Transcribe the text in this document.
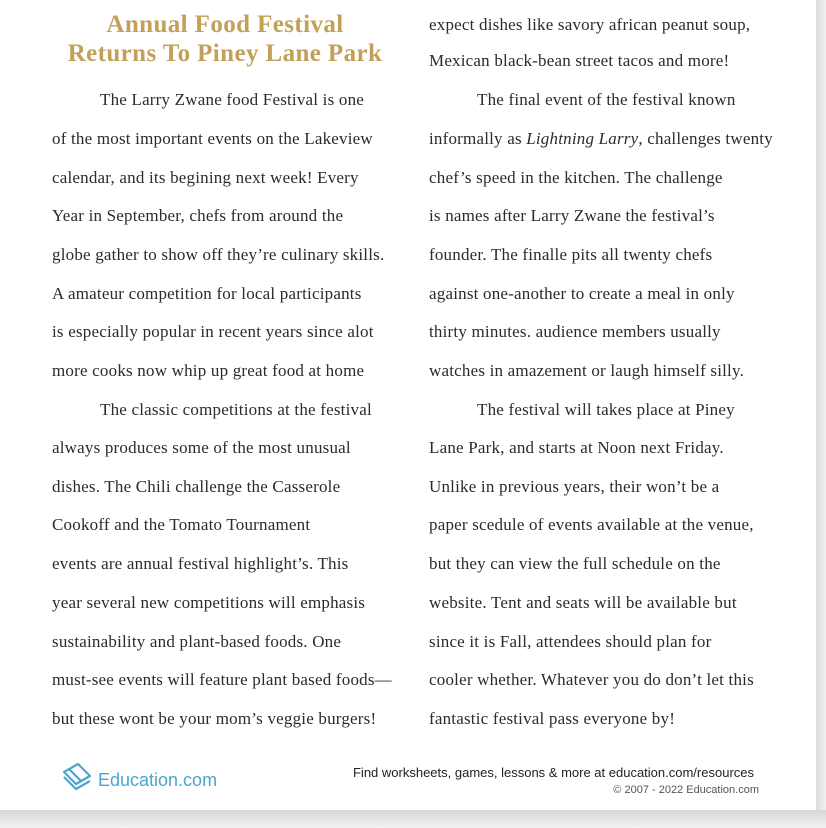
Annual Food Festival
Returns To Piney Lane Park
The Larry Zwane food Festival is one
of the most important events on the Lakeview
calendar, and its begining next week! Every
Year in September, chefs from around the
globe gather to show off they’re culinary skills.
A amateur competition for local participants
is especially popular in recent years since alot
more cooks now whip up great food at home
The classic competitions at the festival
always produces some of the most unusual
dishes. The Chili challenge the Casserole
Cookoff and the Tomato Tournament
events are annual festival highlight’s. This
year several new competitions will emphasis
sustainability and plant-based foods. One
must-see events will feature plant based foods—
but these wont be your mom’s veggie burgers!
expect dishes like savory african peanut soup,
Mexican black-bean street tacos and more!
The final event of the festival known
informally as Lightning Larry, challenges twenty
chef’s speed in the kitchen. The challenge
is names after Larry Zwane the festival’s
founder. The finalle pits all twenty chefs
against one-another to create a meal in only
thirty minutes. audience members usually
watches in amazement or laugh himself silly.
The festival will takes place at Piney
Lane Park, and starts at Noon next Friday.
Unlike in previous years, their won’t be a
paper scedule of events available at the venue,
but they can view the full schedule on the
website. Tent and seats will be available but
since it is Fall, attendees should plan for
cooler whether. Whatever you do don’t let this
fantastic festival pass everyone by!
Education.com	Find worksheets, games, lessons & more at education.com/resources
© 2007 - 2022 Education.com
